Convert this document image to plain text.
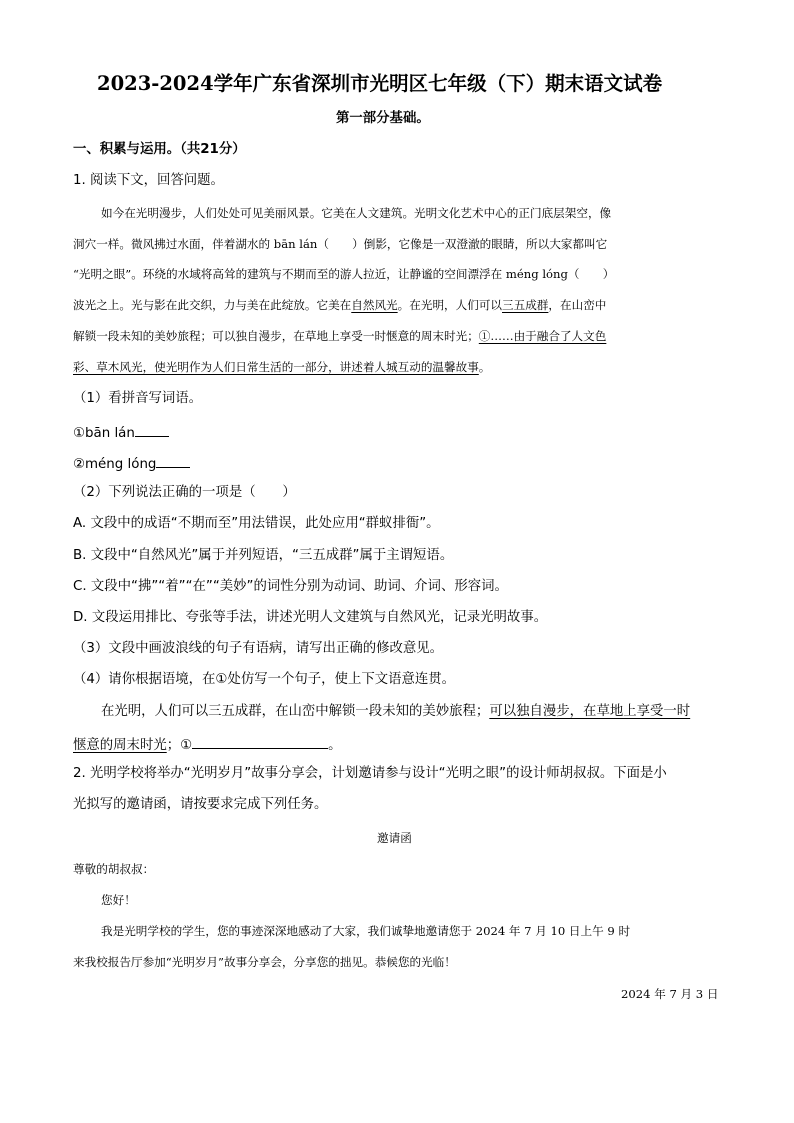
2023-2024学年广东省深圳市光明区七年级（下）期末语文试卷
第一部分基础。
一、积累与运用。（共21分）
1. 阅读下文，回答问题。
如今在光明漫步，人们处处可见美丽风景。它美在人文建筑。光明文化艺术中心的正门底层架空，像
洞穴一样。微风拂过水面，伴着湖水的 bān lán（　　）倒影，它像是一双澄澈的眼睛，所以大家都叫它
“光明之眼”。环绕的水域将高耸的建筑与不期而至的游人拉近，让静谧的空间漂浮在 méng lóng（　　）
波光之上。光与影在此交织，力与美在此绽放。它美在自然风光。在光明，人们可以三五成群，在山峦中
解锁一段未知的美妙旅程；可以独自漫步，在草地上享受一时惬意的周末时光；①……由于融合了人文色
彩、草木风光，使光明作为人们日常生活的一部分，讲述着人城互动的温馨故事。
（1）看拼音写词语。
①bān lán
②méng lóng
（2）下列说法正确的一项是（　　）
A. 文段中的成语“不期而至”用法错误，此处应用“群蚁排衙”。
B. 文段中“自然风光”属于并列短语，“三五成群”属于主谓短语。
C. 文段中“拂”“着”“在”“美妙”的词性分别为动词、助词、介词、形容词。
D. 文段运用排比、夸张等手法，讲述光明人文建筑与自然风光，记录光明故事。
（3）文段中画波浪线的句子有语病，请写出正确的修改意见。
（4）请你根据语境，在①处仿写一个句子，使上下文语意连贯。
在光明，人们可以三五成群，在山峦中解锁一段未知的美妙旅程；可以独自漫步，在草地上享受一时
惬意的周末时光；①	。
2. 光明学校将举办“光明岁月”故事分享会，计划邀请参与设计“光明之眼”的设计师胡叔叔。下面是小
光拟写的邀请函，请按要求完成下列任务。
邀请函
尊敬的胡叔叔：
您好！
我是光明学校的学生，您的事迹深深地感动了大家，我们诚挚地邀请您于 2024 年 7 月 10 日上午 9 时
来我校报告厅参加“光明岁月”故事分享会，分享您的拙见。恭候您的光临！
2024 年 7 月 3 日
